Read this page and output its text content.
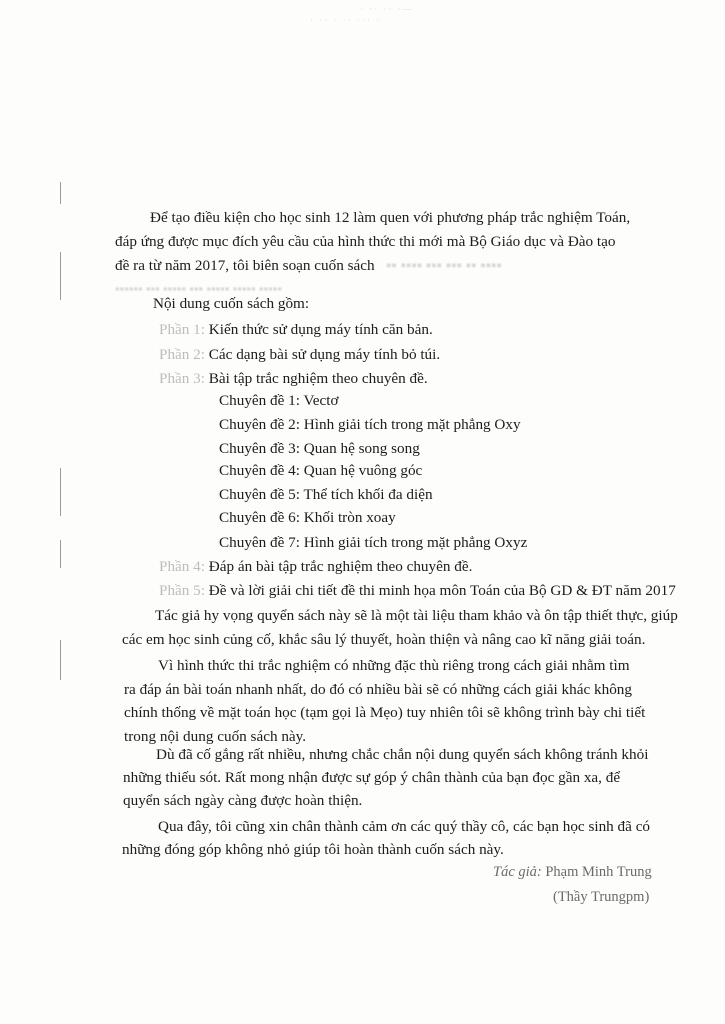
· ·· ·· ·—
· ·· · ·· ··· ·
Để tạo điều kiện cho học sinh 12 làm quen với phương pháp trắc nghiệm Toán,
đáp ứng được mục đích yêu cầu của hình thức thi mới mà Bộ Giáo dục và Đào tạo
đề ra từ năm 2017, tôi biên soạn cuốn sách   ▪▪ ▪▪▪▪ ▪▪▪ ▪▪▪ ▪▪ ▪▪▪▪
▪▪▪▪▪▪ ▪▪▪ ▪▪▪▪▪ ▪▪▪ ▪▪▪▪▪ ▪▪▪▪▪ ▪▪▪▪▪
Nội dung cuốn sách gồm:
Phần 1: Kiến thức sử dụng máy tính căn bản.
Phần 2: Các dạng bài sử dụng máy tính bỏ túi.
Phần 3: Bài tập trắc nghiệm theo chuyên đề.
Chuyên đề 1: Vectơ
Chuyên đề 2: Hình giải tích trong mặt phẳng Oxy
Chuyên đề 3: Quan hệ song song
Chuyên đề 4: Quan hệ vuông góc
Chuyên đề 5: Thể tích khối đa diện
Chuyên đề 6: Khối tròn xoay
Chuyên đề 7: Hình giải tích trong mặt phẳng Oxyz
Phần 4: Đáp án bài tập trắc nghiệm theo chuyên đề.
Phần 5: Đề và lời giải chi tiết đề thi minh họa môn Toán của Bộ GD & ĐT năm 2017
Tác giả hy vọng quyển sách này sẽ là một tài liệu tham khảo và ôn tập thiết thực, giúp
các em học sinh củng cố, khắc sâu lý thuyết, hoàn thiện và nâng cao kĩ năng giải toán.
Vì hình thức thi trắc nghiệm có những đặc thù riêng trong cách giải nhằm tìm
ra đáp án bài toán nhanh nhất, do đó có nhiều bài sẽ có những cách giải khác không
chính thống về mặt toán học (tạm gọi là Mẹo) tuy nhiên tôi sẽ không trình bày chi tiết
trong nội dung cuốn sách này.
Dù đã cố gắng rất nhiều, nhưng chắc chắn nội dung quyển sách không tránh khỏi
những thiếu sót. Rất mong nhận được sự góp ý chân thành của bạn đọc gần xa, để
quyển sách ngày càng được hoàn thiện.
Qua đây, tôi cũng xin chân thành cảm ơn các quý thầy cô, các bạn học sinh đã có
những đóng góp không nhỏ giúp tôi hoàn thành cuốn sách này.
Tác giả: Phạm Minh Trung
(Thầy Trungpm)
